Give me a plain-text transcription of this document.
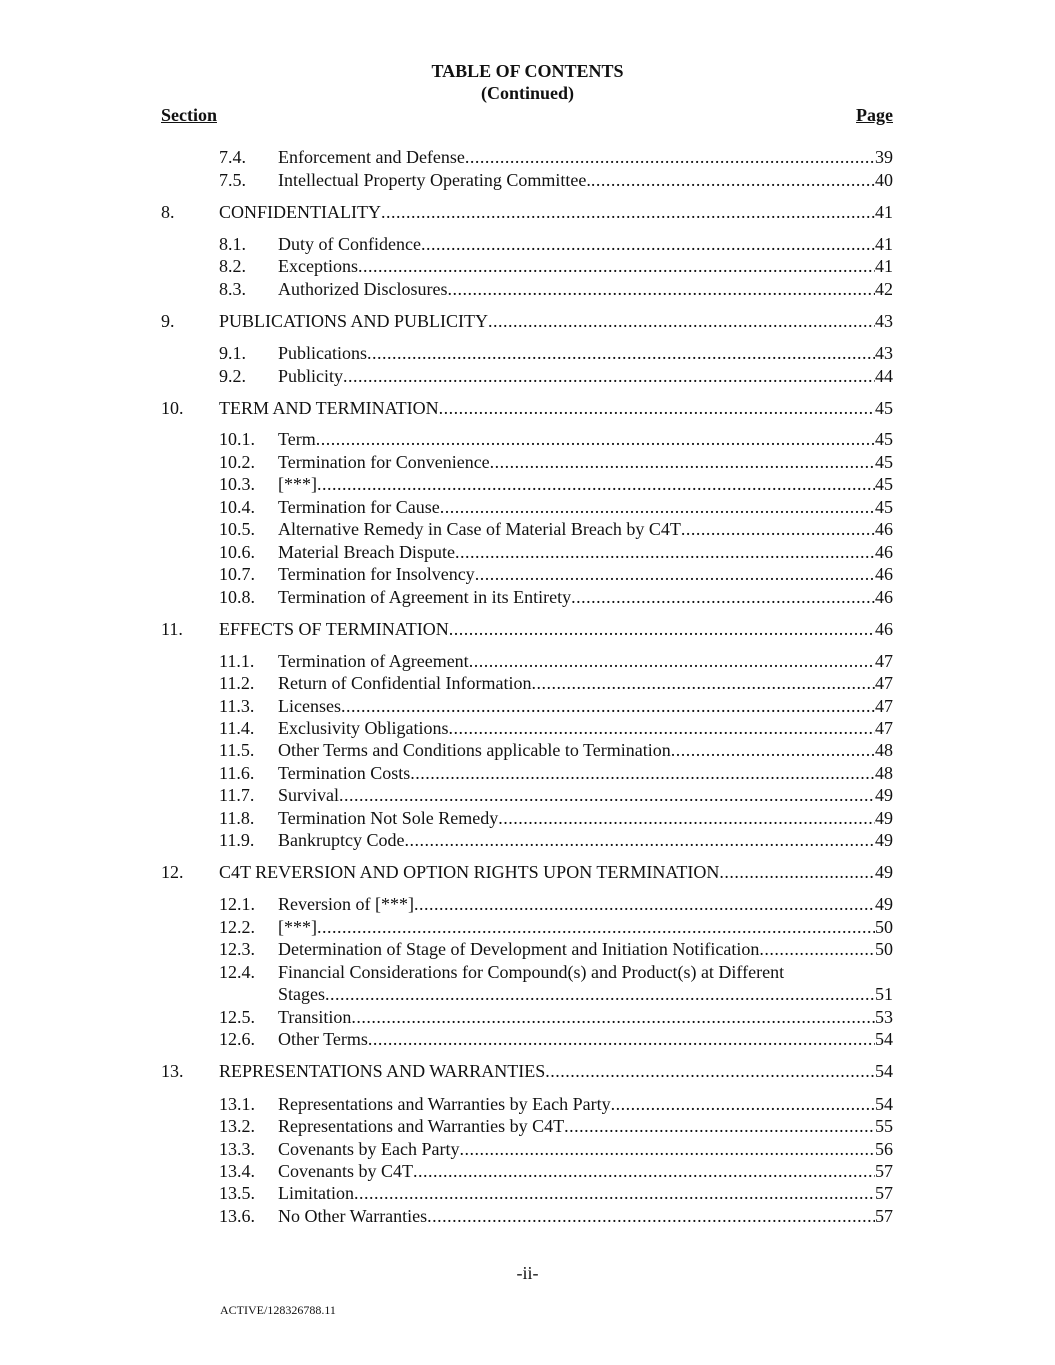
TABLE OF CONTENTS
(Continued)
Section	Page
7.4. Enforcement and Defense .....	39
7.5. Intellectual Property Operating Committee. .....	40
8. CONFIDENTIALITY .....	41
8.1. Duty of Confidence .....	41
8.2. Exceptions .....	41
8.3. Authorized Disclosures .....	42
9. PUBLICATIONS AND PUBLICITY .....	43
9.1. Publications .....	43
9.2. Publicity .....	44
10. TERM AND TERMINATION .....	45
10.1. Term .....	45
10.2. Termination for Convenience .....	45
10.3. [***] .....	45
10.4. Termination for Cause .....	45
10.5. Alternative Remedy in Case of Material Breach by C4T .....	46
10.6. Material Breach Dispute .....	46
10.7. Termination for Insolvency .....	46
10.8. Termination of Agreement in its Entirety .....	46
11. EFFECTS OF TERMINATION .....	46
11.1. Termination of Agreement .....	47
11.2. Return of Confidential Information .....	47
11.3. Licenses .....	47
11.4. Exclusivity Obligations .....	47
11.5. Other Terms and Conditions applicable to Termination .....	48
11.6. Termination Costs .....	48
11.7. Survival .....	49
11.8. Termination Not Sole Remedy .....	49
11.9. Bankruptcy Code .....	49
12. C4T REVERSION AND OPTION RIGHTS UPON TERMINATION .....	49
12.1. Reversion of [***] .....	49
12.2. [***] .....	50
12.3. Determination of Stage of Development and Initiation Notification .....	50
12.4. Financial Considerations for Compound(s) and Product(s) at Different
Stages .....	51
12.5. Transition .....	53
12.6. Other Terms .....	54
13. REPRESENTATIONS AND WARRANTIES .....	54
13.1. Representations and Warranties by Each Party .....	54
13.2. Representations and Warranties by C4T .....	55
13.3. Covenants by Each Party .....	56
13.4. Covenants by C4T .....	57
13.5. Limitation .....	57
13.6. No Other Warranties .....	57
-ii-
ACTIVE/128326788.11
